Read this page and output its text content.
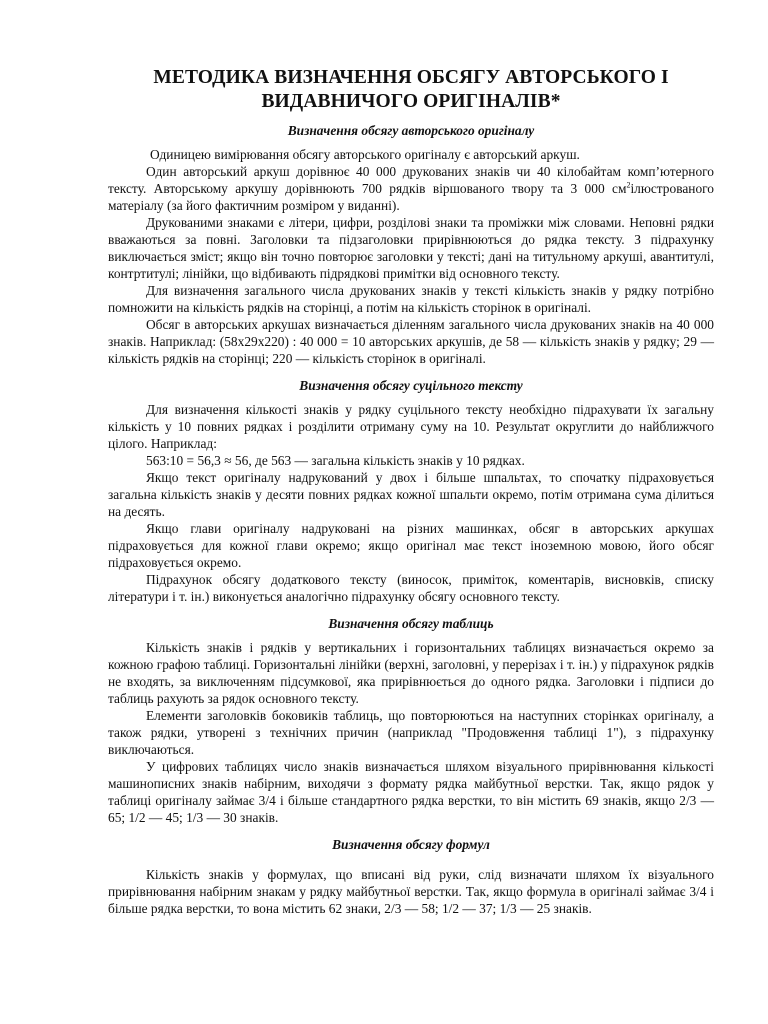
МЕТОДИКА ВИЗНАЧЕННЯ ОБСЯГУ АВТОРСЬКОГО І
ВИДАВНИЧОГО ОРИГІНАЛІВ*
Визначення обсягу авторського оригіналу

Одиницею вимірювання обсягу авторського оригіналу є авторський аркуш.

Один авторський аркуш дорівнює 40 000 друкованих знаків чи 40 кілобайтам комп’ютерного тексту. Авторському аркушу дорівнюють 700 рядків віршованого твору та 3 000 $см^2ілюстрованого$ матеріалу (за його фактичним розміром у виданні).

Друкованими знаками є літери, цифри, розділові знаки та проміжки між словами. Неповні рядки вважаються за повні. Заголовки та підзаголовки прирівнюються до рядка тексту. З підрахунку виключається зміст; якщо він точно повторює заголовки у тексті; дані на титульному аркуші, авантитулі, контртитулі; лінійки, що відбивають підрядкові примітки від основного тексту.

Для визначення загального числа друкованих знаків у тексті кількість знаків у рядку потрібно помножити на кількість рядків на сторінці, а потім на кількість сторінок в оригіналі.

Обсяг в авторських аркушах визначається діленням загального числа друкованих знаків на 40 000 знаків. Наприклад: (58х29х220) : 40 000 = 10 авторських аркушів, де 58 — кількість знаків у рядку; 29 — кількість рядків на сторінці; 220 — кількість сторінок в оригіналі.

Визначення обсягу суцільного тексту

Для визначення кількості знаків у рядку суцільного тексту необхідно підрахувати їх загальну кількість у 10 повних рядках і розділити отриману суму на 10. Результат округлити до найближчого цілого. Наприклад:

563:10 = 56,3 ≈ 56, де 563 — загальна кількість знаків у 10 рядках.

Якщо текст оригіналу надрукований у двох і більше шпальтах, то спочатку підраховується загальна кількість знаків у десяти повних рядках кожної шпальти окремо, потім отримана сума ділиться на десять.

Якщо глави оригіналу надруковані на різних машинках, обсяг в авторських аркушах підраховується для кожної глави окремо; якщо оригінал має текст іноземною мовою, його обсяг підраховується окремо.

Підрахунок обсягу додаткового тексту (виносок, приміток, коментарів, висновків, списку літератури і т. ін.) виконується аналогічно підрахунку обсягу основного тексту.

Визначення обсягу таблиць

Кількість знаків і рядків у вертикальних і горизонтальних таблицях визначається окремо за кожною графою таблиці. Горизонтальні лінійки (верхні, заголовні, у перерізах і т. ін.) у підрахунок рядків не входять, за виключенням підсумкової, яка прирівнюється до одного рядка. Заголовки і підписи до таблиць рахують за рядок основного тексту.

Елементи заголовків боковиків таблиць, що повторюються на наступних сторінках оригіналу, а також рядки, утворені з технічних причин (наприклад "Продовження таблиці 1"), з підрахунку виключаються.

У цифрових таблицях число знаків визначається шляхом візуального прирівнювання кількості машинописних знаків набірним, виходячи з формату рядка майбутньої верстки. Так, якщо рядок у таблиці оригіналу займає 3/4 і більше стандартного рядка верстки, то він містить 69 знаків, якщо 2/3 — 65; 1/2 — 45; 1/3 — 30 знаків.

Визначення обсягу формул

Кількість знаків у формулах, що вписані від руки, слід визначати шляхом їх візуального прирівнювання набірним знакам у рядку майбутньої верстки. Так, якщо формула в оригіналі займає 3/4 і більше рядка верстки, то вона містить 62 знаки, 2/3 — 58; 1/2 — 37; 1/3 — 25 знаків.
